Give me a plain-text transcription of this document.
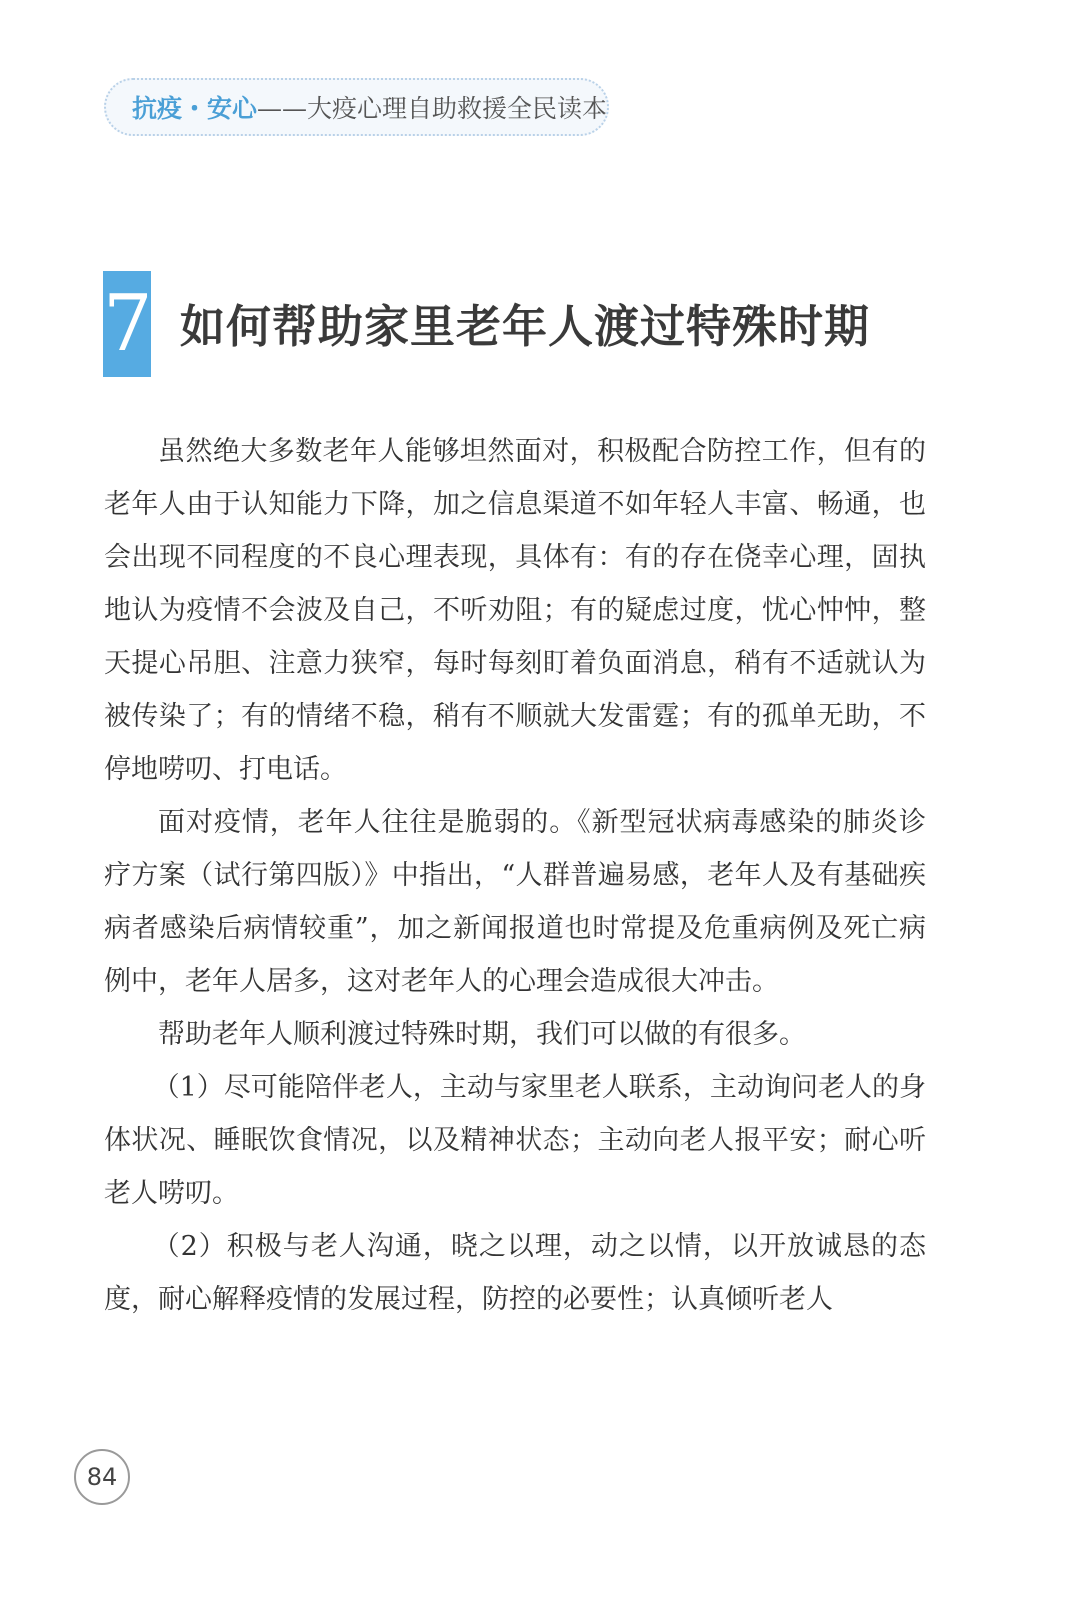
抗疫・安心 ——大疫心理自助救援全民读本
7 如何帮助家里老年人渡过特殊时期

虽然绝大多数老年人能够坦然面对，积极配合防控工作，但有的老年人由于认知能力下降，加之信息渠道不如年轻人丰富、畅通，也会出现不同程度的不良心理表现，具体有：有的存在侥幸心理，固执地认为疫情不会波及自己，不听劝阻；有的疑虑过度，忧心忡忡，整天提心吊胆、注意力狭窄，每时每刻盯着负面消息，稍有不适就认为被传染了；有的情绪不稳，稍有不顺就大发雷霆；有的孤单无助，不停地唠叨、打电话。

面对疫情，老年人往往是脆弱的。《新型冠状病毒感染的肺炎诊疗方案（试行第四版）》中指出，“人群普遍易感，老年人及有基础疾病者感染后病情较重”，加之新闻报道也时常提及危重病例及死亡病例中，老年人居多，这对老年人的心理会造成很大冲击。

帮助老年人顺利渡过特殊时期，我们可以做的有很多。

（1）尽可能陪伴老人，主动与家里老人联系，主动询问老人的身体状况、睡眠饮食情况，以及精神状态；主动向老人报平安；耐心听老人唠叨。

（2）积极与老人沟通，晓之以理，动之以情，以开放诚恳的态度，耐心解释疫情的发展过程，防控的必要性；认真倾听老人

84
